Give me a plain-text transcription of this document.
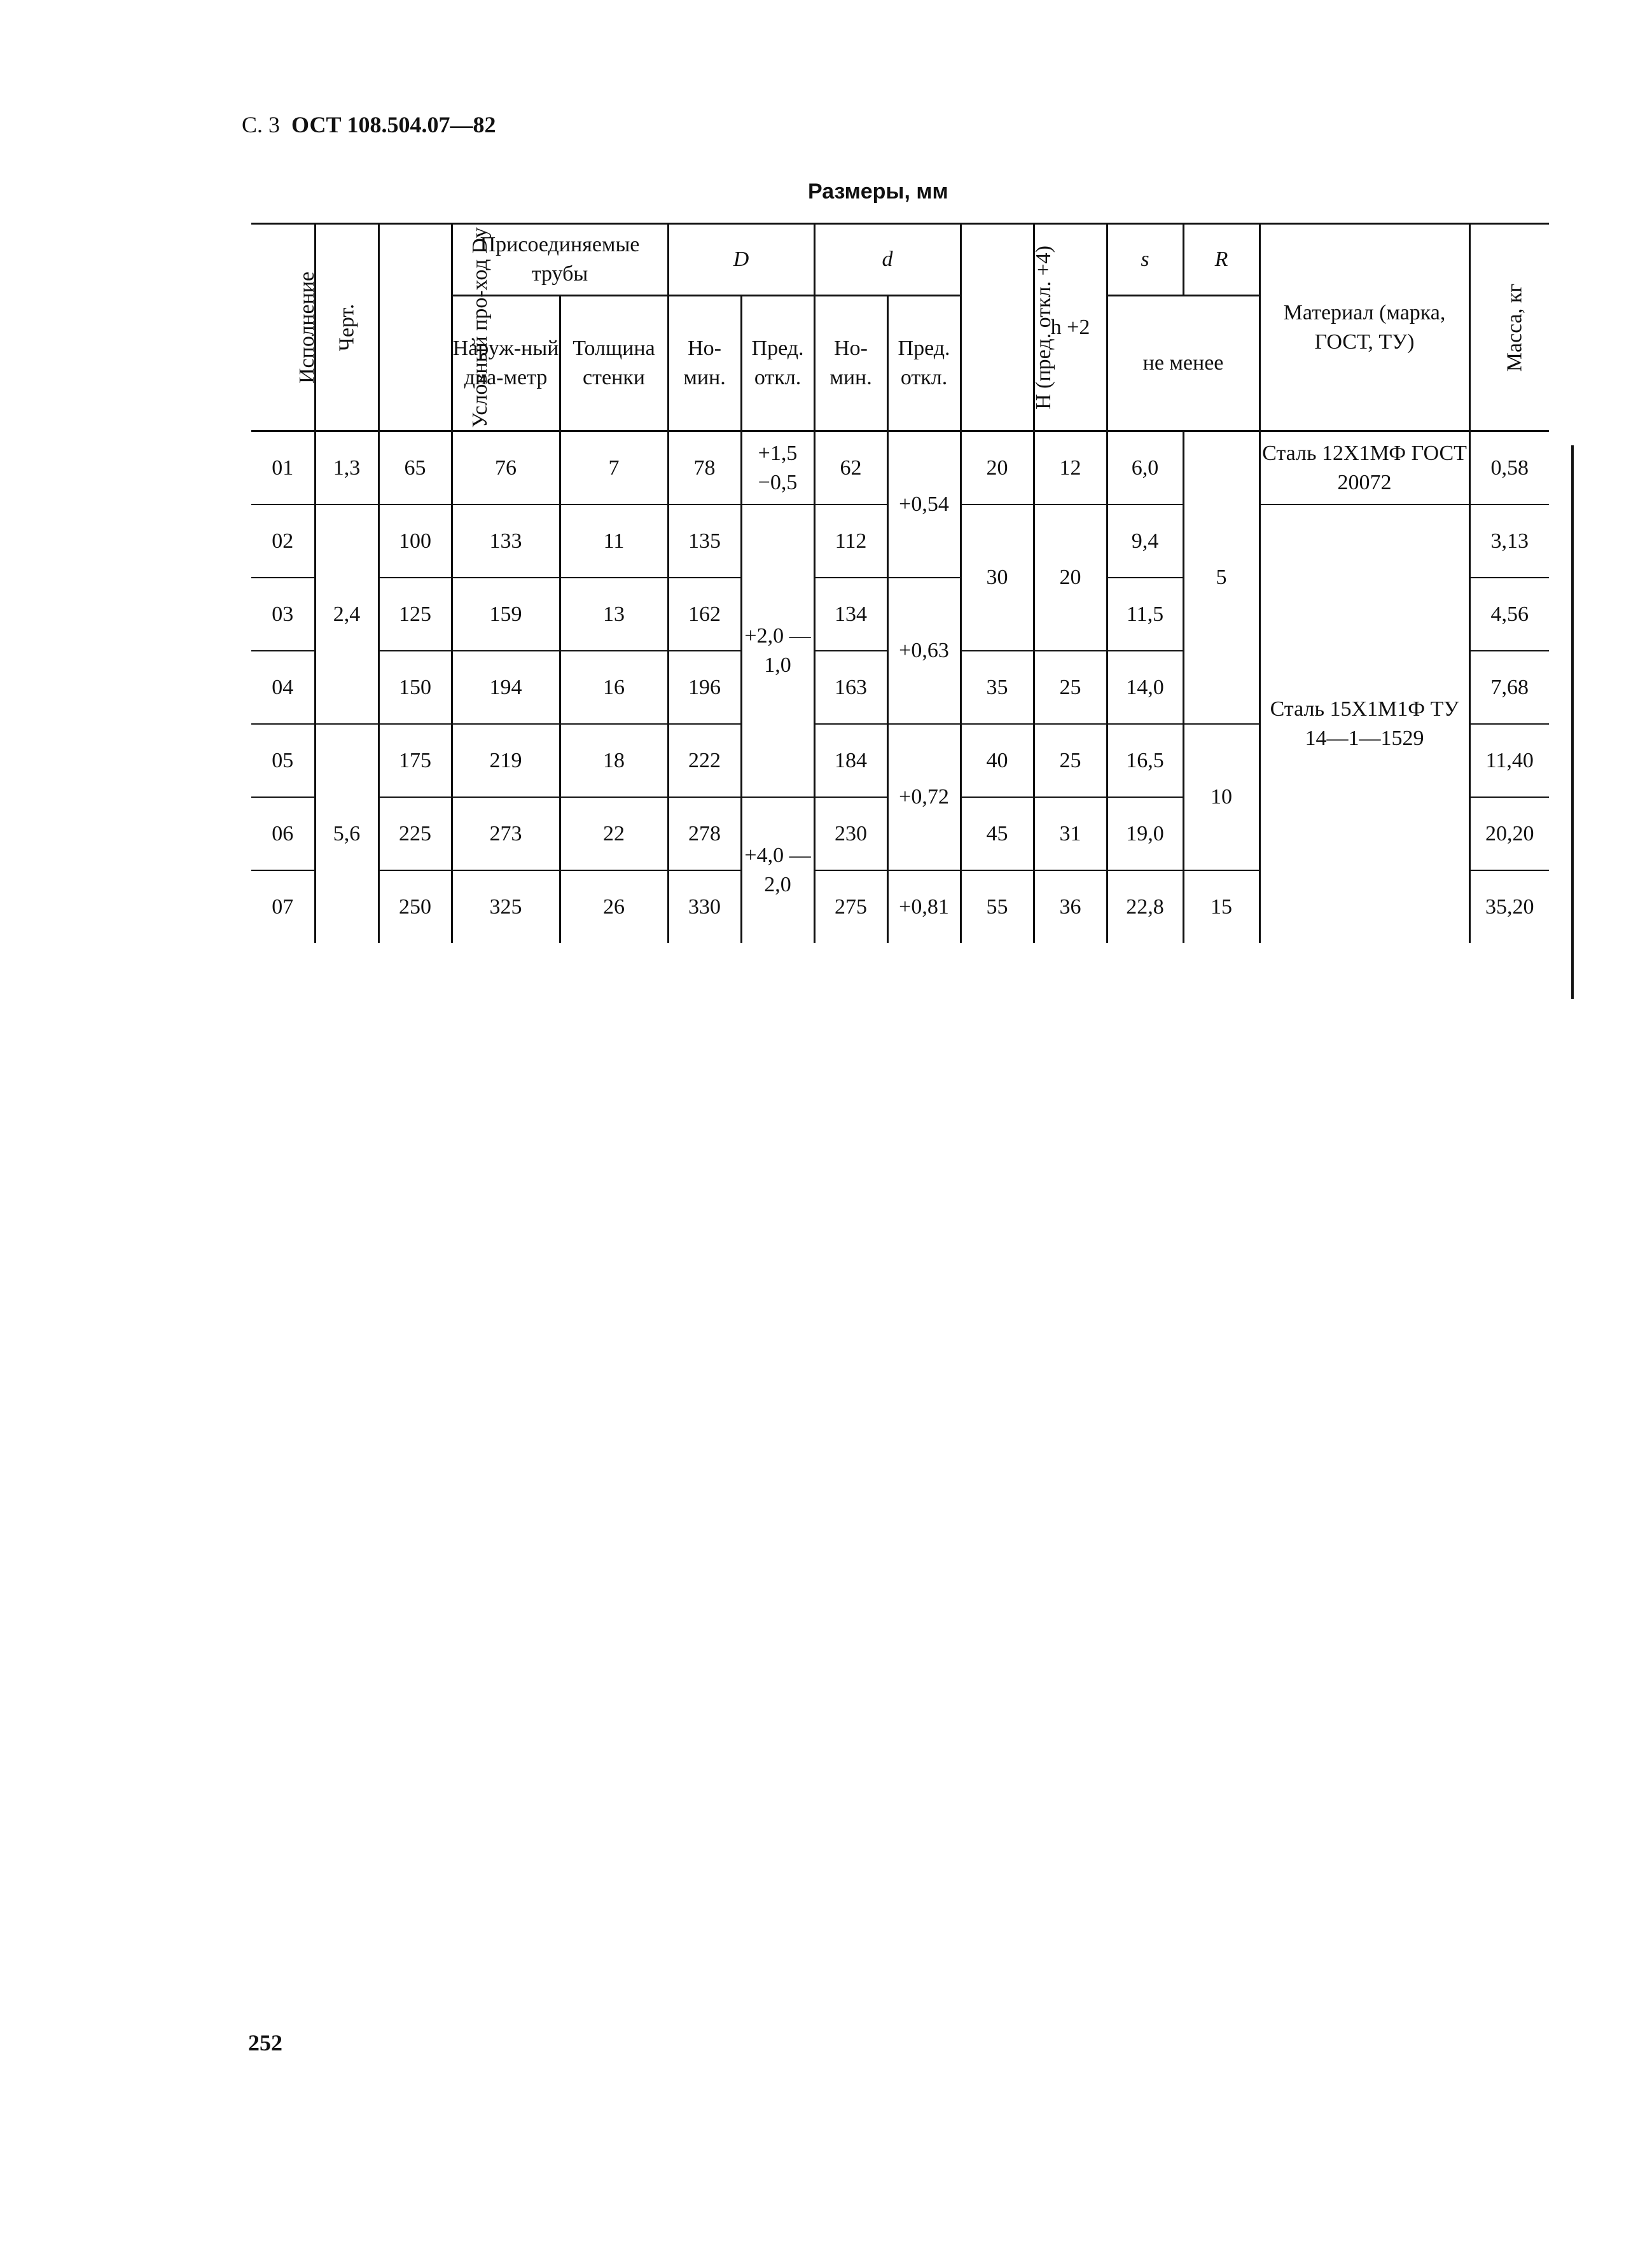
С. 3 ОСТ 108.504.07—82
Размеры, мм
Исполнение	Черт.	Условный про-ход Dy	Присоединяемые трубы		D		d		H (пред. откл. +4)	h +2	s	R	Материал (марка, ГОСТ, ТУ)	Масса, кг
			Наруж-ный диа-метр	Толщина стенки	Но-мин.	Пред. откл.	Но-мин.	Пред. откл.			не менее			
01	1,3	65	76	7	78	+1,5 −0,5	62	+0,54	20	12	6,0	5	Сталь 12Х1МФ ГОСТ 20072	0,58
02	2,4	100	133	11	135	+2,0 —1,0	112		30	20	9,4		Сталь 15Х1М1Ф ТУ 14—1—1529	3,13
03		125	159	13	162		134	+0,63			11,5			4,56
04		150	194	16	196		163		35	25	14,0			7,68
05	5,6	175	219	18	222		184	+0,72	40	25	16,5	10		11,40
06		225	273	22	278	+4,0 —2,0	230		45	31	19,0			20,20
07		250	325	26	330		275	+0,81	55	36	22,8	15		35,20
252
